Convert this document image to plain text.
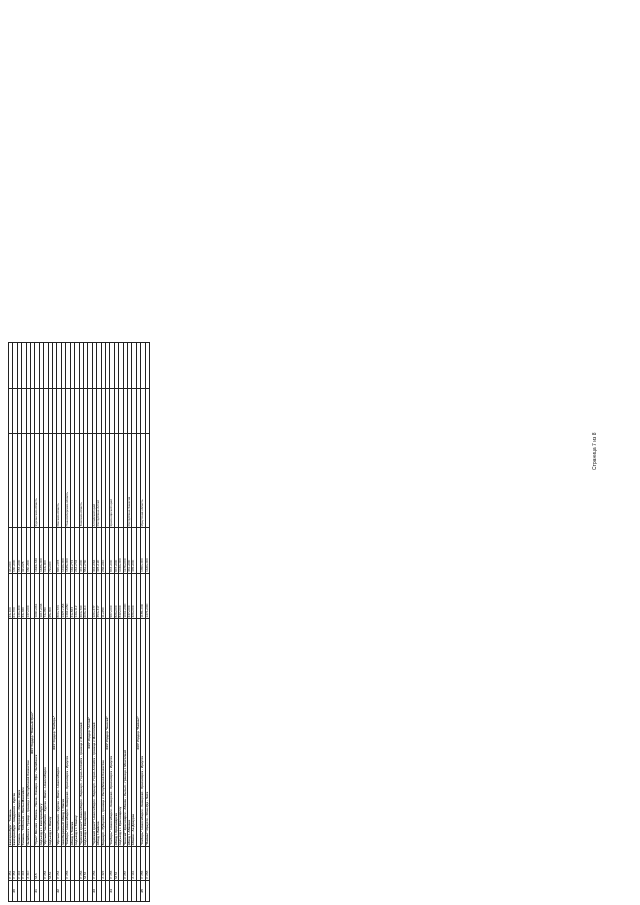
	Р 351	Екатеринбург - Тюмень	23+100	94+000			
20	Р 354	Екатеринбург - Шадринск - Курган	61+700	130+000			
	Р 402	Тюмень - Ялуторовск - Ишим - Омск	140+200	154+000			
	Р 404	Тюмень - Тобольск - Ханты-Мансийск	33+460	92+025			
	А 310	Челябинск - Троицк - граница с Республикой Казахстан	137+000	150+800			
		ФКУ Упрдор "Южный Урал"					
21	М-5	"Урал" Москва - Рязань - Пенза - Самара - Уфа - Челябинск	1660+661	1699+346	Курганская область		
		подъезд к г. Екатеринбургу	1617+033	1648+000			
	Р 254	"Иртыш" Челябинск - Курган - Омск - Новосибирск	73+050	113+000			
	М-51	подъезд к г. Омску	65+400	79+000			
		ФКУ Упрдор "Сибирь"					
22	Р 254	"Иртыш" Челябинск - Курган - Омск - Новосибирск	800+724	820+478	Омская область		
		левобережный обход г. Омска	1327+153	1416+000			
	Р 255	"Сибирь" Новосибирск - Кемерово - Красноярск - Иркутск	1462+050	1545+000	Новосибирская область		
		обход г. Томска	41+823	169+772			
		подъезд к г. Томску	149+112	264+702			
	Р 256	"Чуйский тракт" Новосибирск - Барнаул - Горно-Алтайск - граница с Монголией	264+760	441+000	Томская область		
	М 53	подъезд к г. Кемерово	608+110	551+730			
		ФКУ Упрдор "Алтай"					
23	Р 256	"Чуйский тракт" Новосибирск - Барнаул - Горно-Алтайск - граница с Монголией	120+277	344+066	Алтайский край		
		обход г. Бийска	353+317	428+190	Республика Алтай		
	А 322	Барнаул - Рубцовск - граница с Республикой Казахстан	11+650	236+910			
		ФКУ Упрдор "Енисей"					
24	Р 255	"Сибирь" Новосибирск - Кемерово - Красноярск - Иркутск	587+000	844+000	Красноярский край		
	М 53	обход г. Красноярска	826+000	847+000			
		подъезд к г. Красноярску	842+000	1046+000			
	Р 257	"Енисей" Красноярск - Абакан - Кызыл - граница с Монголией	1061+000	1176+000			
		обход г. Абакана	237+000	331+000	Республика Хакасия		
	А 161	Абакан - Ак-Довурак	426+000	445+000			
		ФКУ Упрдор "Байкал"					
25	Р 255	"Сибирь" Новосибирск - Кемерово - Красноярск - Иркутск	1185+000	1350+000	Иркутская область		
	Р 258	"Байкал" Иркутск - Улан-Удэ - Чита	1376+000	1640+000			
Страница 7 из 8
